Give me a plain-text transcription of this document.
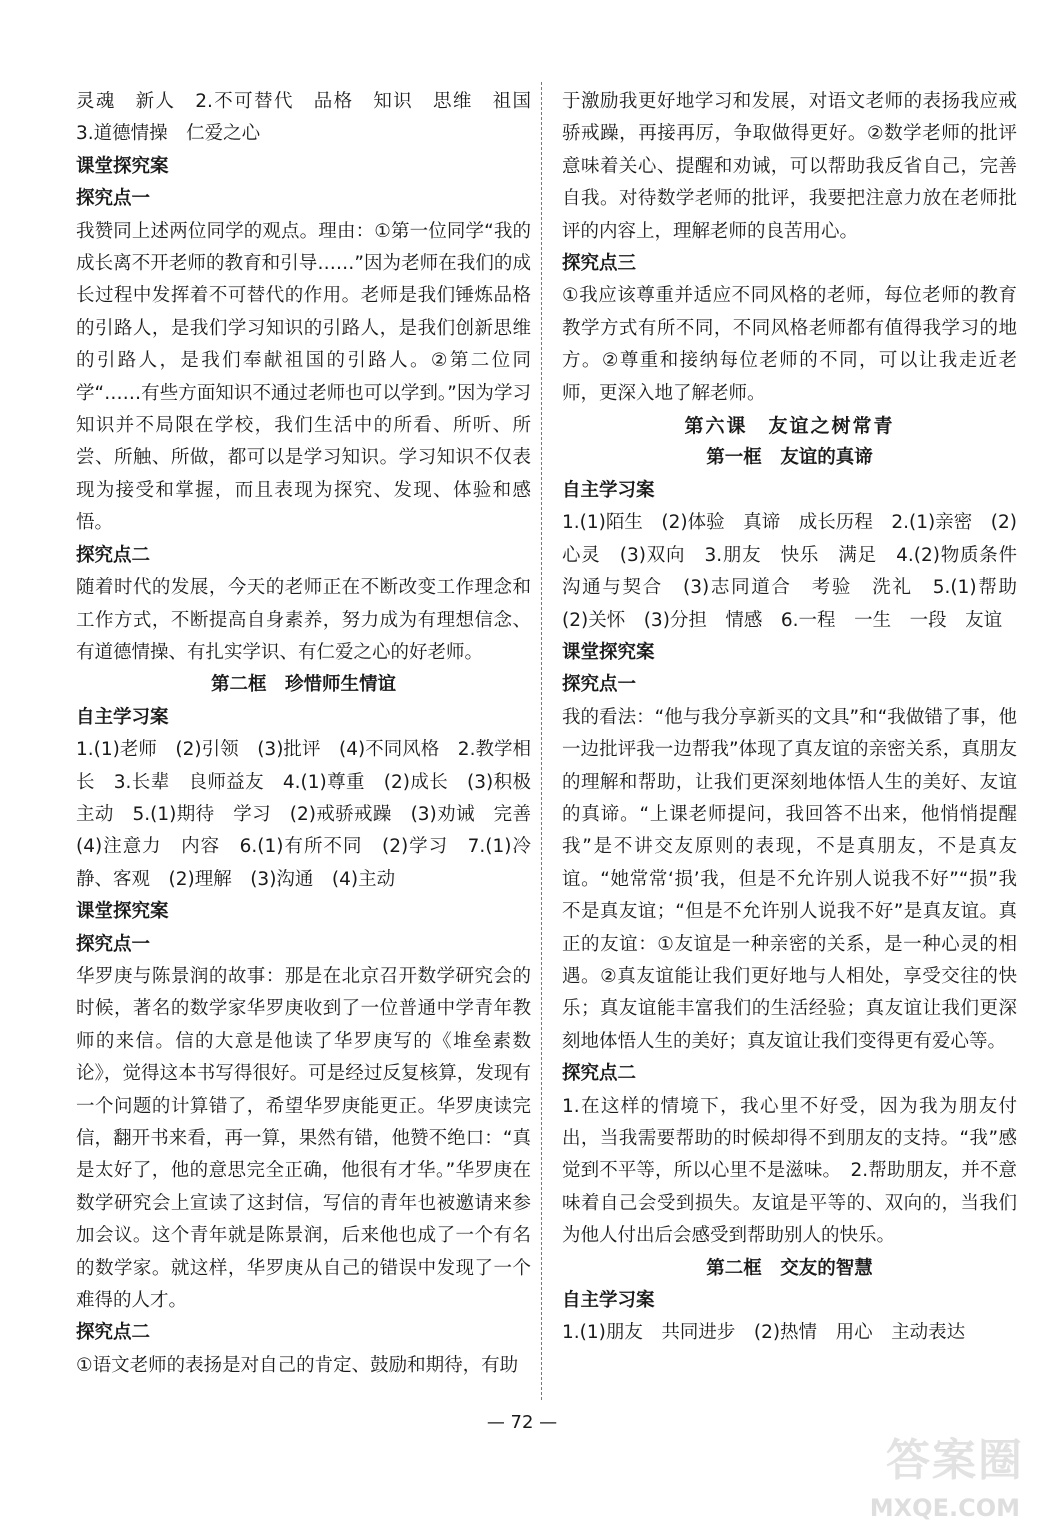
灵魂　新人　2.不可替代　品格　知识　思维　祖国　3.道德情操　仁爱之心

课堂探究案

探究点一

我赞同上述两位同学的观点。理由：①第一位同学“我的成长离不开老师的教育和引导……”因为老师在我们的成长过程中发挥着不可替代的作用。老师是我们锤炼品格的引路人，是我们学习知识的引路人，是我们创新思维的引路人，是我们奉献祖国的引路人。②第二位同学“……有些方面知识不通过老师也可以学到。”因为学习知识并不局限在学校，我们生活中的所看、所听、所尝、所触、所做，都可以是学习知识。学习知识不仅表现为接受和掌握，而且表现为探究、发现、体验和感悟。

探究点二

随着时代的发展，今天的老师正在不断改变工作理念和工作方式，不断提高自身素养，努力成为有理想信念、有道德情操、有扎实学识、有仁爱之心的好老师。

第二框　珍惜师生情谊

自主学习案

1.(1)老师　(2)引领　(3)批评　(4)不同风格　2.教学相长　3.长辈　良师益友　4.(1)尊重　(2)成长　(3)积极主动　5.(1)期待　学习　(2)戒骄戒躁　(3)劝诫　完善　(4)注意力　内容　6.(1)有所不同　(2)学习　7.(1)冷静、客观　(2)理解　(3)沟通　(4)主动

课堂探究案

探究点一

华罗庚与陈景润的故事：那是在北京召开数学研究会的时候，著名的数学家华罗庚收到了一位普通中学青年教师的来信。信的大意是他读了华罗庚写的《堆垒素数论》，觉得这本书写得很好。可是经过反复核算，发现有一个问题的计算错了，希望华罗庚能更正。华罗庚读完信，翻开书来看，再一算，果然有错，他赞不绝口：“真是太好了，他的意思完全正确，他很有才华。”华罗庚在数学研究会上宣读了这封信，写信的青年也被邀请来参加会议。这个青年就是陈景润，后来他也成了一个有名的数学家。就这样，华罗庚从自己的错误中发现了一个难得的人才。

探究点二

①语文老师的表扬是对自己的肯定、鼓励和期待，有助

于激励我更好地学习和发展，对语文老师的表扬我应戒骄戒躁，再接再厉，争取做得更好。②数学老师的批评意味着关心、提醒和劝诫，可以帮助我反省自己，完善自我。对待数学老师的批评，我要把注意力放在老师批评的内容上，理解老师的良苦用心。

探究点三

①我应该尊重并适应不同风格的老师，每位老师的教育教学方式有所不同，不同风格老师都有值得我学习的地方。②尊重和接纳每位老师的不同，可以让我走近老师，更深入地了解老师。

第六课　友谊之树常青

第一框　友谊的真谛

自主学习案

1.(1)陌生　(2)体验　真谛　成长历程　2.(1)亲密　(2)心灵　(3)双向　3.朋友　快乐　满足　4.(2)物质条件　沟通与契合　(3)志同道合　考验　洗礼　5.(1)帮助　(2)关怀　(3)分担　情感　6.一程　一生　一段　友谊

课堂探究案

探究点一

我的看法：“他与我分享新买的文具”和“我做错了事，他一边批评我一边帮我”体现了真友谊的亲密关系，真朋友的理解和帮助，让我们更深刻地体悟人生的美好、友谊的真谛。“上课老师提问，我回答不出来，他悄悄提醒我”是不讲交友原则的表现，不是真朋友，不是真友谊。“她常常‘损’我，但是不允许别人说我不好”“损”我不是真友谊；“但是不允许别人说我不好”是真友谊。真正的友谊：①友谊是一种亲密的关系，是一种心灵的相遇。②真友谊能让我们更好地与人相处，享受交往的快乐；真友谊能丰富我们的生活经验；真友谊让我们更深刻地体悟人生的美好；真友谊让我们变得更有爱心等。

探究点二

1.在这样的情境下，我心里不好受，因为我为朋友付出，当我需要帮助的时候却得不到朋友的支持。“我”感觉到不平等，所以心里不是滋味。　2.帮助朋友，并不意味着自己会受到损失。友谊是平等的、双向的，当我们为他人付出后会感受到帮助别人的快乐。

第二框　交友的智慧

自主学习案

1.(1)朋友　共同进步　(2)热情　用心　主动表达

— 72 —
答案圈
MXQE.COM
